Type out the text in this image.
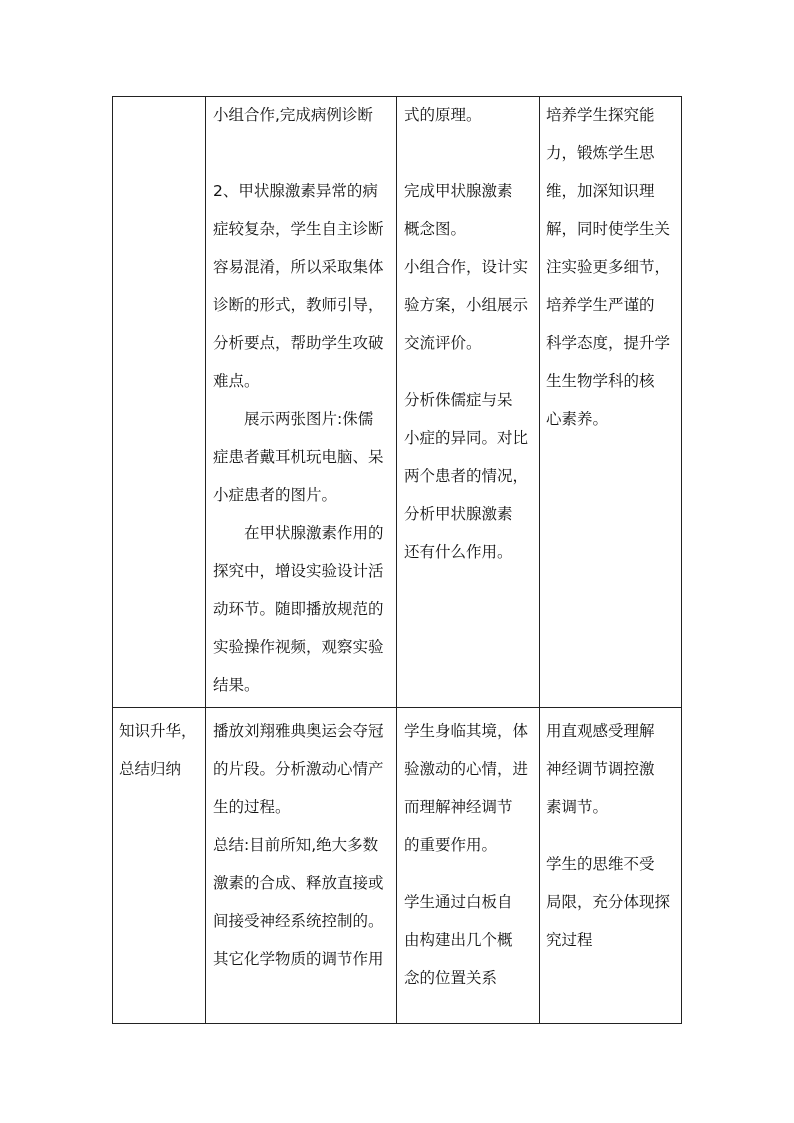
小组合作,完成病例诊断

2、甲状腺激素异常的病

症较复杂，学生自主诊断

容易混淆，所以采取集体

诊断的形式，教师引导，

分析要点，帮助学生攻破

难点。

展示两张图片:侏儒

症患者戴耳机玩电脑、呆

小症患者的图片。

在甲状腺激素作用的

探究中，增设实验设计活

动环节。随即播放规范的

实验操作视频，观察实验

结果。

式的原理。

完成甲状腺激素

概念图。

小组合作，设计实

验方案，小组展示

交流评价。

分析侏儒症与呆

小症的异同。对比

两个患者的情况，

分析甲状腺激素

还有什么作用。

培养学生探究能

力，锻炼学生思

维，加深知识理

解，同时使学生关

注实验更多细节，

培养学生严谨的

科学态度，提升学

生生物学科的核

心素养。

知识升华，

总结归纳

播放刘翔雅典奥运会夺冠

的片段。分析激动心情产

生的过程。

总结:目前所知,绝大多数

激素的合成、释放直接或

间接受神经系统控制的。

其它化学物质的调节作用

学生身临其境，体

验激动的心情，进

而理解神经调节

的重要作用。

学生通过白板自

由构建出几个概

念的位置关系

用直观感受理解

神经调节调控激

素调节。

学生的思维不受

局限，充分体现探

究过程
